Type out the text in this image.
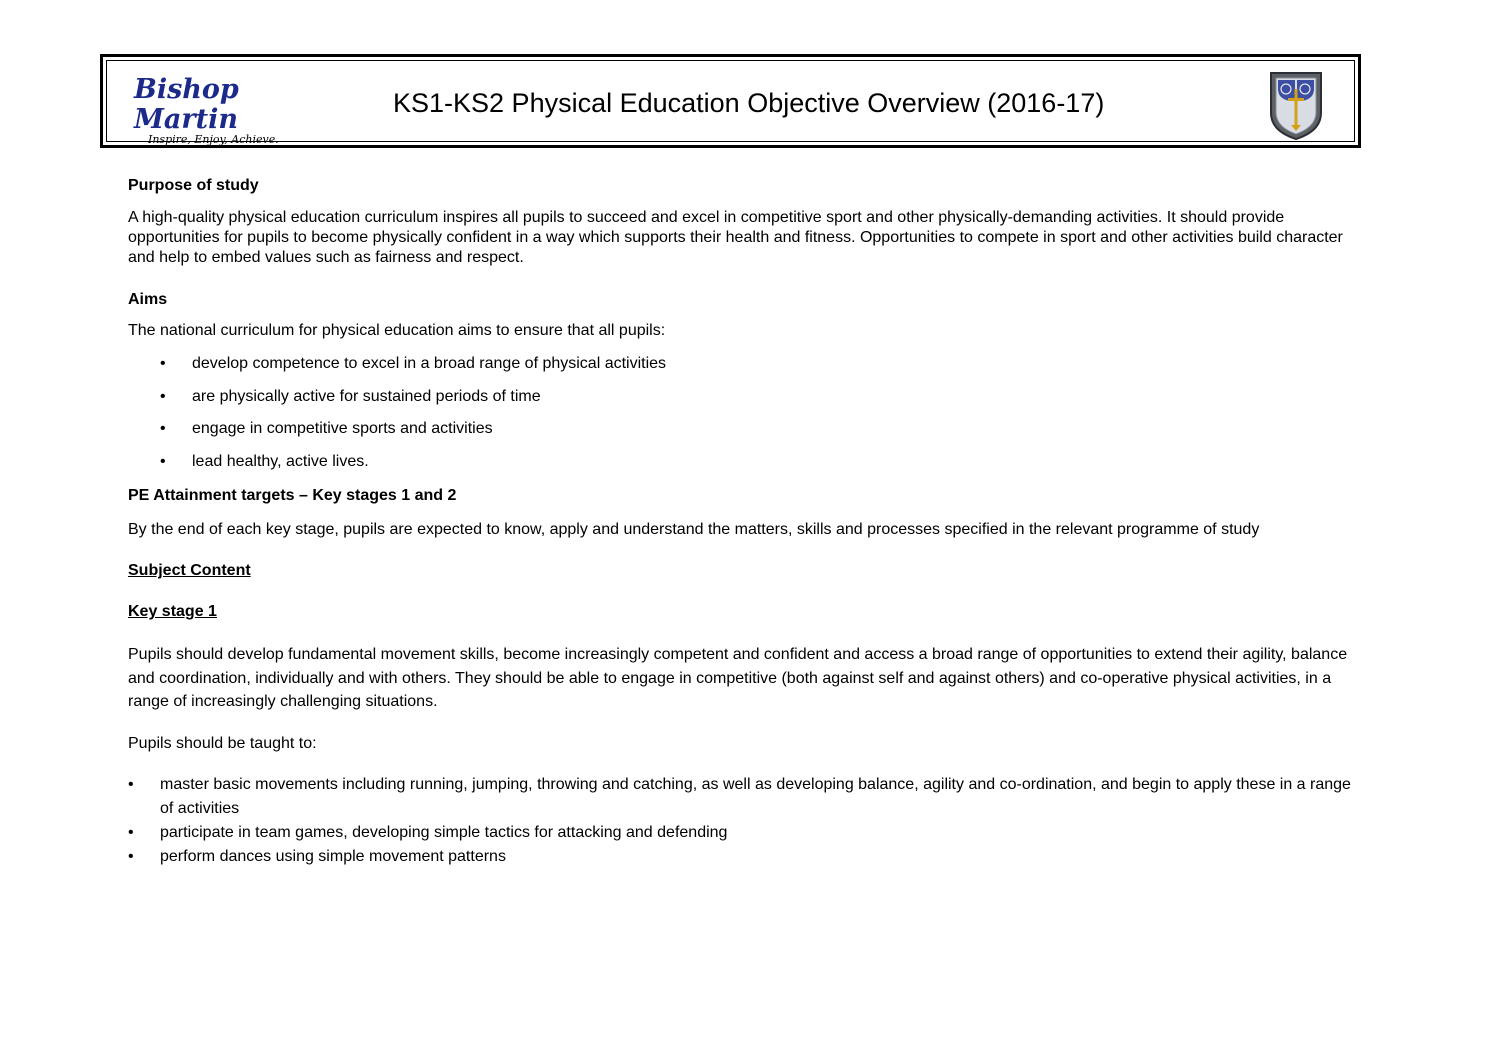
Bishop Martin
Inspire, Enjoy, Achieve.
KS1-KS2 Physical Education Objective Overview (2016-17)

Purpose of study

A high-quality physical education curriculum inspires all pupils to succeed and excel in competitive sport and other physically-demanding activities. It should provide opportunities for pupils to become physically confident in a way which supports their health and fitness. Opportunities to compete in sport and other activities build character and help to embed values such as fairness and respect.

Aims

The national curriculum for physical education aims to ensure that all pupils:

• develop competence to excel in a broad range of physical activities
• are physically active for sustained periods of time
• engage in competitive sports and activities
• lead healthy, active lives.

PE Attainment targets – Key stages 1 and 2

By the end of each key stage, pupils are expected to know, apply and understand the matters, skills and processes specified in the relevant programme of study

Subject Content

Key stage 1

Pupils should develop fundamental movement skills, become increasingly competent and confident and access a broad range of opportunities to extend their agility, balance and coordination, individually and with others. They should be able to engage in competitive (both against self and against others) and co-operative physical activities, in a range of increasingly challenging situations.

Pupils should be taught to:

• master basic movements including running, jumping, throwing and catching, as well as developing balance, agility and co-ordination, and begin to apply these in a range of activities
• participate in team games, developing simple tactics for attacking and defending
• perform dances using simple movement patterns
